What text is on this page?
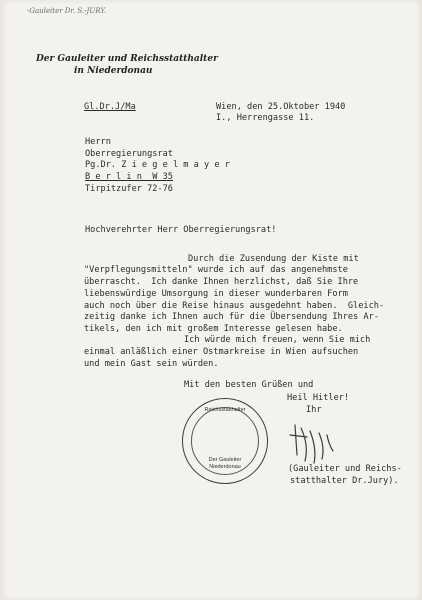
-Gauleiter Dr. S.-JURY.

Der Gauleiter und Reichsstatthalter

in Niederdonau

Gl.Dr.J/Ma	Wien, den 25.Oktober 1940

I., Herrengasse 11.

Herrn

Oberregierungsrat

Pg.Dr. Z i e g e l m a y e r

B e r l i n  W 35

Tirpitzufer 72-76

Hochverehrter Herr Oberregierungsrat!

Durch die Zusendung der Kiste mit

"Verpflegungsmitteln" wurde ich auf das angenehmste

überrascht.  Ich danke Ihnen herzlichst, daß Sie Ihre

liebenswürdige Umsorgung in dieser wunderbaren Form

auch noch über die Reise hinaus ausgedehnt haben.  Gleich-

zeitig danke ich Ihnen auch für die Übersendung Ihres Ar-

tikels, den ich mit großem Interesse gelesen habe.

Ich würde mich freuen, wenn Sie mich

einmal anläßlich einer Ostmarkreise in Wien aufsuchen

und mein Gast sein würden.

Mit den besten Grüßen und

Heil Hitler!

Ihr

Reichsstatthalter
Der Gauleiter
Niederdonau	(Gauleiter und Reichs-

statthalter Dr.Jury).
